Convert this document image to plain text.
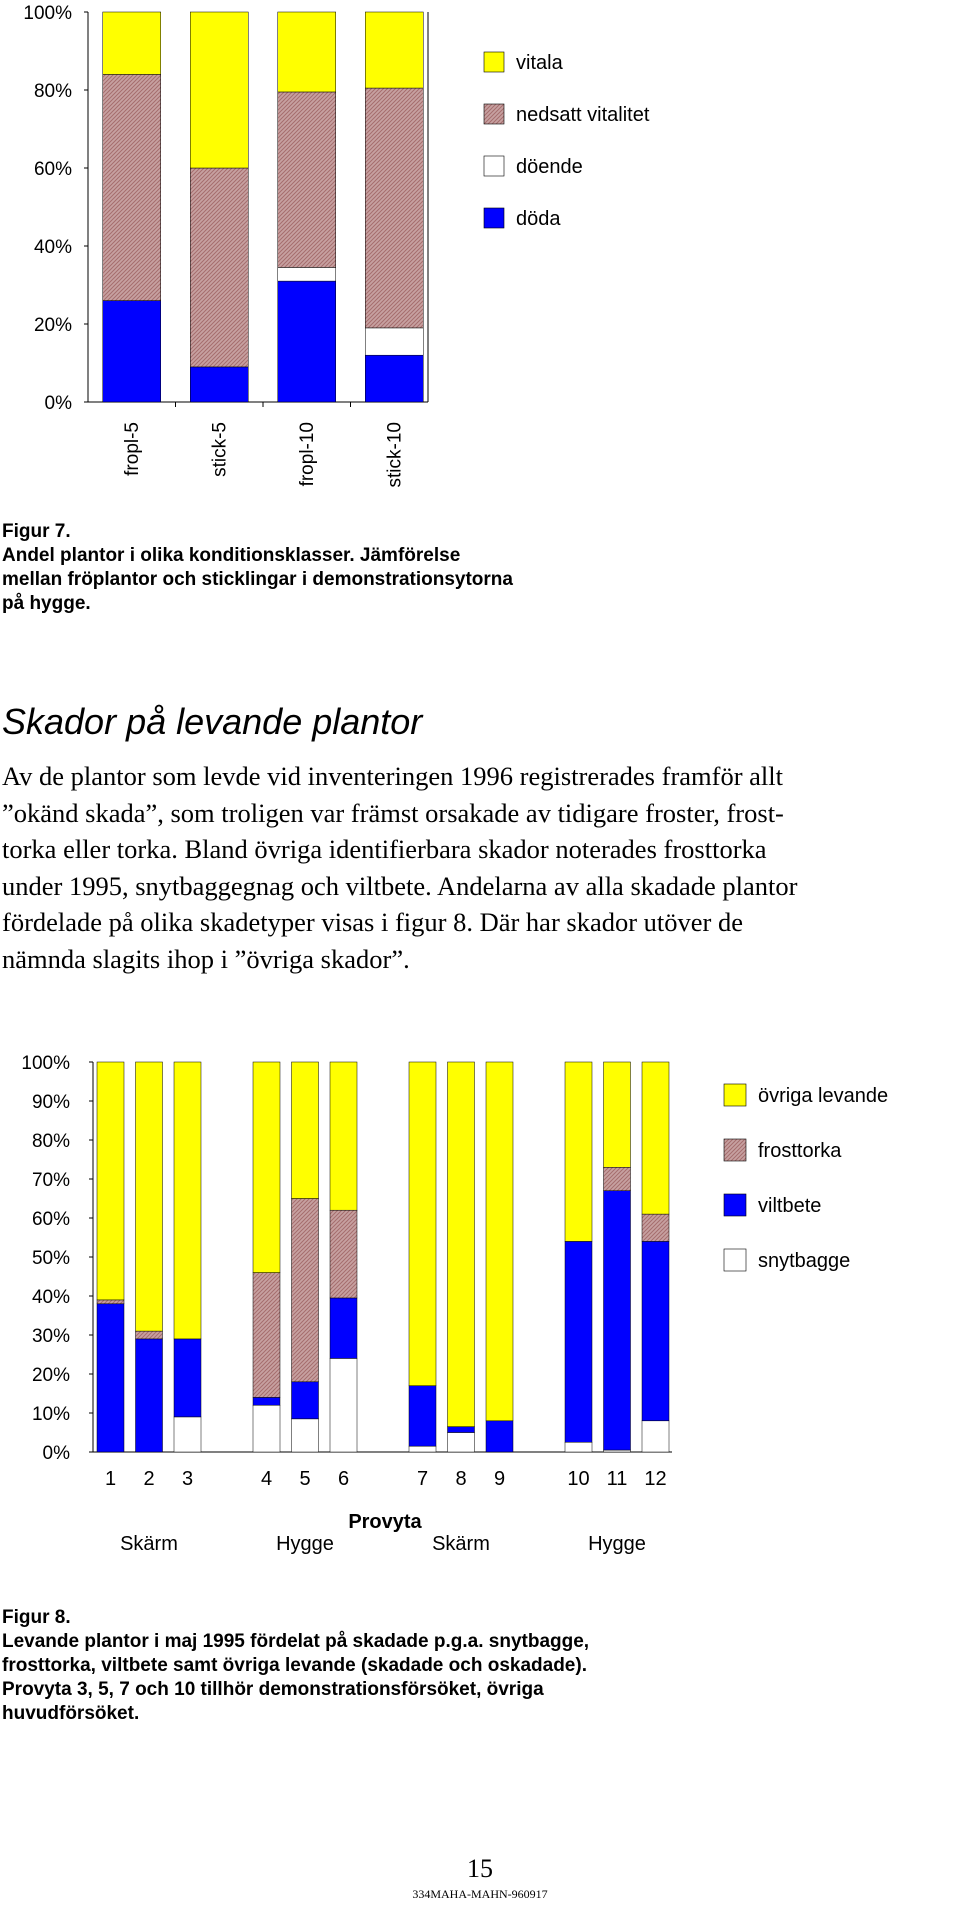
0%
20%
40%
60%
80%
100%
fropl-5	stick-5	fropl-10	stick-10
vitala
nedsatt vitalitet
döende
döda
Figur 7.
Andel plantor i olika konditionsklasser. Jämförelse
mellan fröplantor och sticklingar i demonstrationsytorna
på hygge.
Skador på levande plantor
Av de plantor som levde vid inventeringen 1996 registrerades framför allt
”okänd skada”, som troligen var främst orsakade av tidigare froster, frost-
torka eller torka. Bland övriga identifierbara skador noterades frosttorka
under 1995, snytbaggegnag och viltbete. Andelarna av alla skadade plantor
fördelade på olika skadetyper visas i figur 8. Där har skador utöver de
nämnda slagits ihop i ”övriga skador”.
0%
10%
20%
30%
40%
50%
60%
70%
80%
90%
100%
1 2 3	4 5 6	7 8 9	10 11 12
Provyta
Skärm	Hygge	Skärm	Hygge
övriga levande
frosttorka
viltbete
snytbagge
Figur 8.
Levande plantor i maj 1995 fördelat på skadade p.g.a. snytbagge,
frosttorka, viltbete samt övriga levande (skadade och oskadade).
Provyta 3, 5, 7 och 10 tillhör demonstrationsförsöket, övriga
huvudförsöket.
15
334MAHA-MAHN-960917
